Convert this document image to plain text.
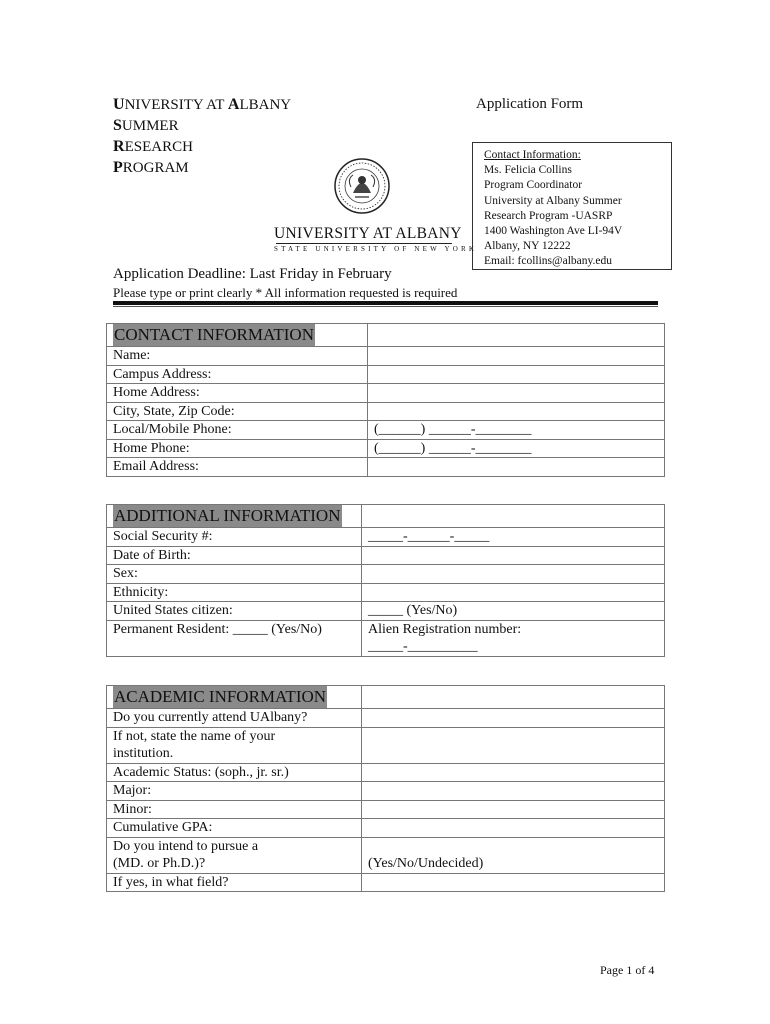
UNIVERSITY AT ALBANY
SUMMER
RESEARCH
PROGRAM
Application Form
Contact Information:
Ms. Felicia Collins
Program Coordinator
University at Albany Summer
Research Program -UASRP
1400 Washington Ave LI-94V
Albany, NY 12222
Email: fcollins@albany.edu
UNIVERSITY AT ALBANY
STATE UNIVERSITY OF NEW YORK
Application Deadline: Last Friday in February
Please type or print clearly * All information requested is required
CONTACT INFORMATION	
Name:	
Campus Address:	
Home Address:	
City, State, Zip Code:	
Local/Mobile Phone:	(______) ______-________
Home Phone:	(______) ______-________
Email Address:	
ADDITIONAL INFORMATION	
Social Security #:	_____-______-_____
Date of Birth:	
Sex:	
Ethnicity:	
United States citizen:	_____ (Yes/No)
Permanent Resident: _____ (Yes/No)	Alien Registration number:
_____-__________
ACADEMIC INFORMATION	
Do you currently attend UAlbany?	

If not, state the name of your
institution.	

Academic Status: (soph., jr. sr.)	
Major:	
Minor:	
Cumulative GPA:	

Do you intend to pursue a
(MD. or Ph.D.)?	(Yes/No/Undecided)
If yes, in what field?	
Page 1 of 4
